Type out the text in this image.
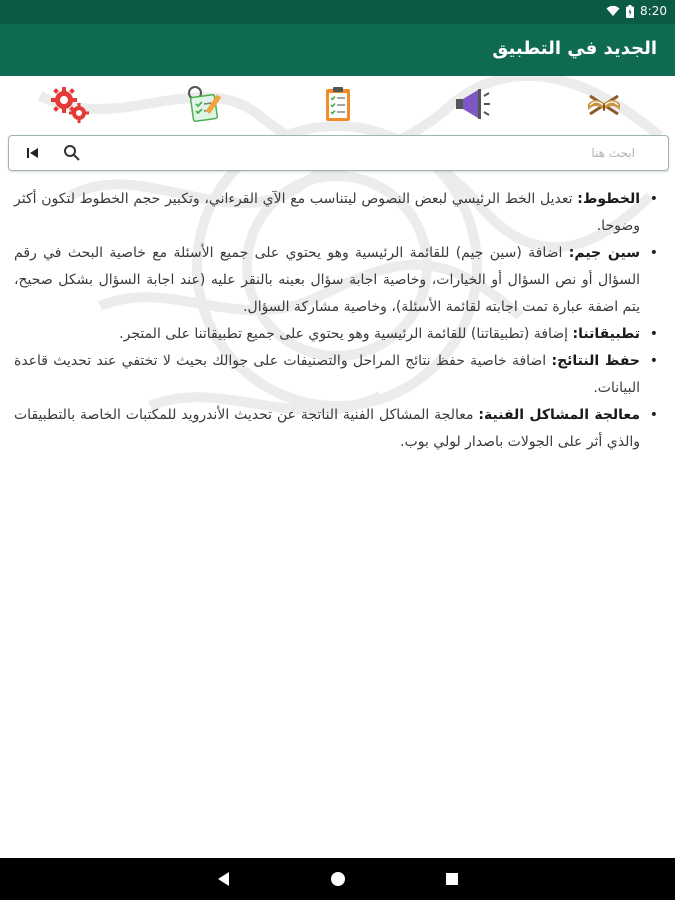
8:20
الجديد في التطبيق
ابحث هنا
•
الخطوط: تعديل الخط الرئيسي لبعض النصوص ليتناسب مع الآي القرءاني، وتكبير حجم الخطوط لتكون أكثر وضوحا.
•
سين جيم: اضافة (سين جيم) للقائمة الرئيسية وهو يحتوي على جميع الأسئلة مع خاصية البحث في رقم السؤال أو نص السؤال أو الخيارات، وخاصية اجابة سؤال بعينه بالنقر عليه (عند اجابة السؤال بشكل صحيح، يتم اضفة عبارة تمت اجابته لقائمة الأسئلة)، وخاصية مشاركة السؤال.
•
تطبيقاتنا: إضافة (تطبيقاتنا) للقائمة الرئيسية وهو يحتوي على جميع تطبيقاتنا على المتجر.
•
حفظ النتائج: اضافة خاصية حفظ نتائج المراحل والتصنيفات على جوالك بحيث لا تختفي عند تحديث قاعدة البيانات.
•
معالجة المشاكل الفنية: معالجة المشاكل الفنية الناتجة عن تحديث الأندرويد للمكتبات الخاصة بالتطبيقات والذي أثر على الجولات باصدار لولي بوب.
